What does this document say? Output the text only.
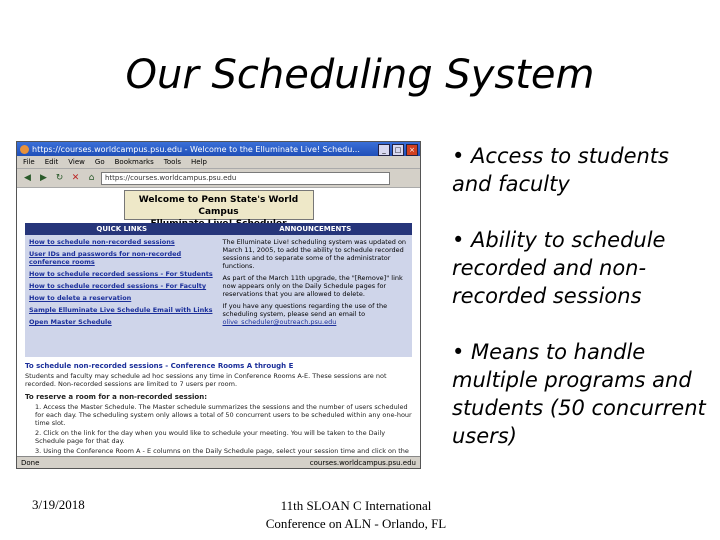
Our Scheduling System
https://courses.worldcampus.psu.edu - Welcome to the Elluminate Live! Schedu...	_	□	×
File Edit View Go Bookmarks Tools Help
◀	▶ ↻ ✕	⌂	https://courses.worldcampus.psu.edu
Welcome to Penn State's World Campus
QUICK LINKS	ANNOUNCEMENTS
How to schedule non-recorded sessions
User IDs and passwords for non-recorded conference rooms
How to schedule recorded sessions - For Students
How to schedule recorded sessions - For Faculty
How to delete a reservation
Sample Elluminate Live Schedule Email with Links
Open Master Schedule
The Elluminate Live! scheduling system was updated on March 11, 2005, to add the ability to schedule recorded sessions and to separate some of the administrator functions.
As part of the March 11th upgrade, the "[Remove]" link now appears only on the Daily Schedule pages for reservations that you are allowed to delete.
If you have any questions regarding the use of the scheduling system, please send an email to
olive_scheduler@outreach.psu.edu
To schedule non-recorded sessions - Conference Rooms A through E
Students and faculty may schedule ad hoc sessions any time in Conference Rooms A-E. These sessions are not recorded. Non-recorded sessions are limited to 7 users per room.
To reserve a room for a non-recorded session:
1. Access the Master Schedule. The Master schedule summarizes the sessions and the number of users scheduled for each day. The scheduling system only allows a total of 50 concurrent users to be scheduled within any one-hour time slot.
2. Click on the link for the day when you would like to schedule your meeting. You will be taken to the Daily Schedule page for that day.
3. Using the Conference Room A - E columns on the Daily Schedule page, select your session time and click on the
Done	courses.worldcampus.psu.edu
• Access to students and faculty
• Ability to schedule recorded and non-recorded sessions
• Means to handle multiple programs and students (50 concurrent users)
3/19/2018	11th SLOAN C International Conference on ALN - Orlando, FL
